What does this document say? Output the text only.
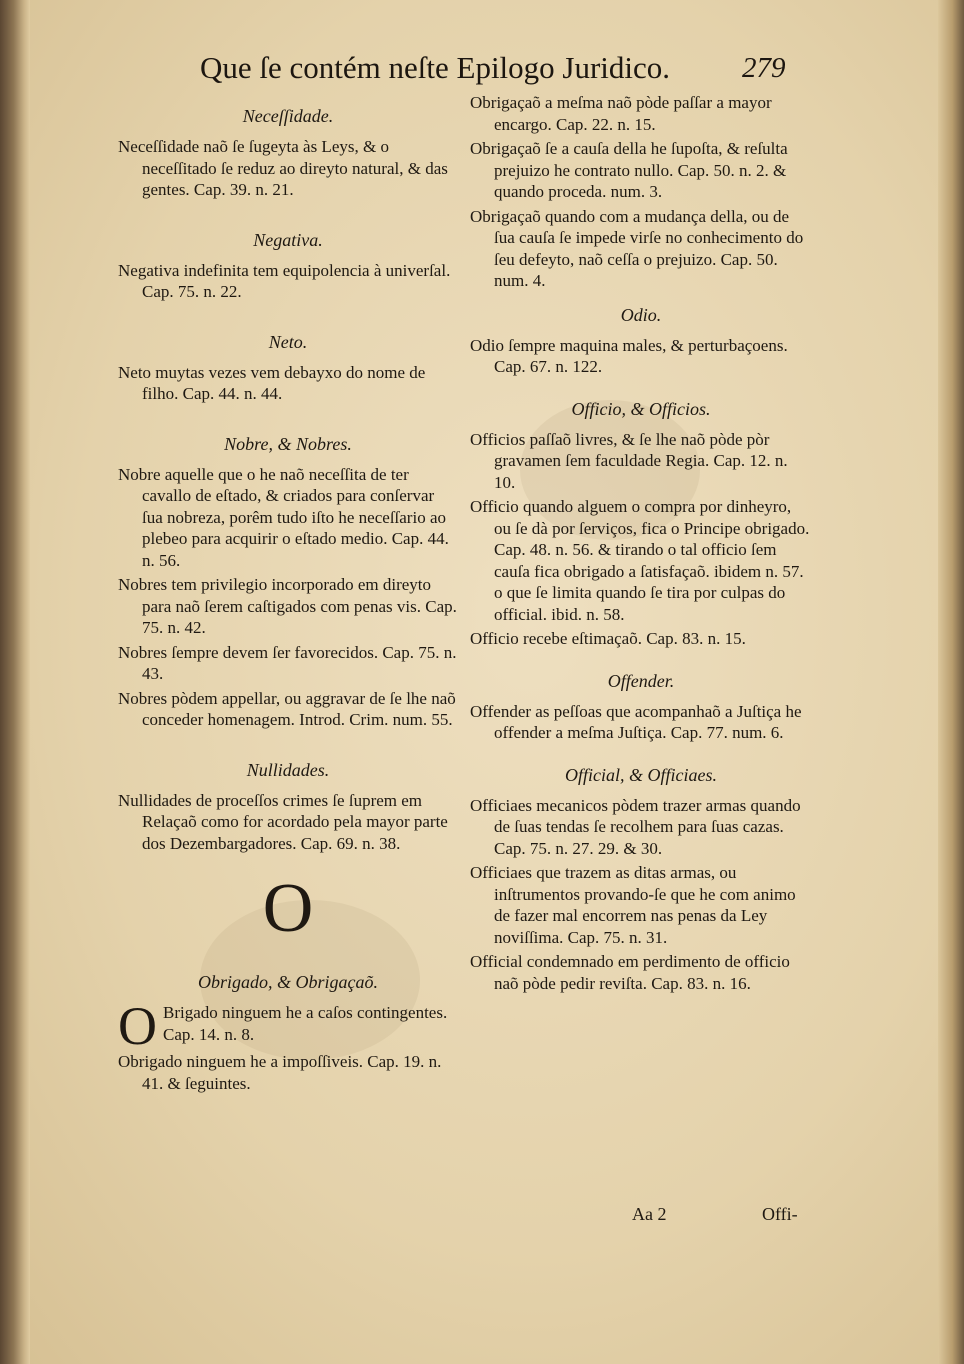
Que ſe contém neſte Epilogo Juridico.	279
Neceſſidade.

Neceſſidade naõ ſe ſugeyta às Leys, & o neceſſitado ſe reduz ao direyto natural, & das gentes. Cap. 39. n. 21.

Negativa.

Negativa indefinita tem equipolencia à univerſal. Cap. 75. n. 22.

Neto.

Neto muytas vezes vem debayxo do nome de filho. Cap. 44. n. 44.

Nobre, & Nobres.

Nobre aquelle que o he naõ neceſſita de ter cavallo de eſtado, & criados para conſervar ſua nobreza, porêm tudo iſto he neceſſario ao plebeo para acquirir o eſtado medio. Cap. 44. n. 56.

Nobres tem privilegio incorporado em direyto para naõ ſerem caſtigados com penas vis. Cap. 75. n. 42.

Nobres ſempre devem ſer favorecidos. Cap. 75. n. 43.

Nobres pòdem appellar, ou aggravar de ſe lhe naõ conceder homenagem. Introd. Crim. num. 55.

Nullidades.

Nullidades de proceſſos crimes ſe ſuprem em Relaçaõ como for acordado pela mayor parte dos Dezembargadores. Cap. 69. n. 38.

O
Obrigado, & Obrigaçaõ.

O Brigado ninguem he a caſos contingentes. Cap. 14. n. 8.

Obrigado ninguem he a impoſſiveis. Cap. 19. n. 41. & ſeguintes.

Obrigaçaõ a meſma naõ pòde paſſar a mayor encargo. Cap. 22. n. 15.

Obrigaçaõ ſe a cauſa della he ſupoſta, & reſulta prejuizo he contrato nullo. Cap. 50. n. 2. & quando proceda. num. 3.

Obrigaçaõ quando com a mudança della, ou de ſua cauſa ſe impede virſe no conhecimento do ſeu defeyto, naõ ceſſa o prejuizo. Cap. 50. num. 4.

Odio.

Odio ſempre maquina males, & perturbaçoens. Cap. 67. n. 122.

Officio, & Officios.

Officios paſſaõ livres, & ſe lhe naõ pòde pòr gravamen ſem faculdade Regia. Cap. 12. n. 10.

Officio quando alguem o compra por dinheyro, ou ſe dà por ſerviços, fica o Principe obrigado. Cap. 48. n. 56. & tirando o tal officio ſem cauſa fica obrigado a ſatisfaçaõ. ibidem n. 57. o que ſe limita quando ſe tira por culpas do official. ibid. n. 58.

Officio recebe eſtimaçaõ. Cap. 83. n. 15.

Offender.

Offender as peſſoas que acompanhaõ a Juſtiça he offender a meſma Juſtiça. Cap. 77. num. 6.

Official, & Officiaes.

Officiaes mecanicos pòdem trazer armas quando de ſuas tendas ſe recolhem para ſuas cazas. Cap. 75. n. 27. 29. & 30.

Officiaes que trazem as ditas armas, ou inſtrumentos provando-ſe que he com animo de fazer mal encorrem nas penas da Ley noviſſima. Cap. 75. n. 31.

Official condemnado em perdimento de officio naõ pòde pedir reviſta. Cap. 83. n. 16.

Aa 2	Offi-
